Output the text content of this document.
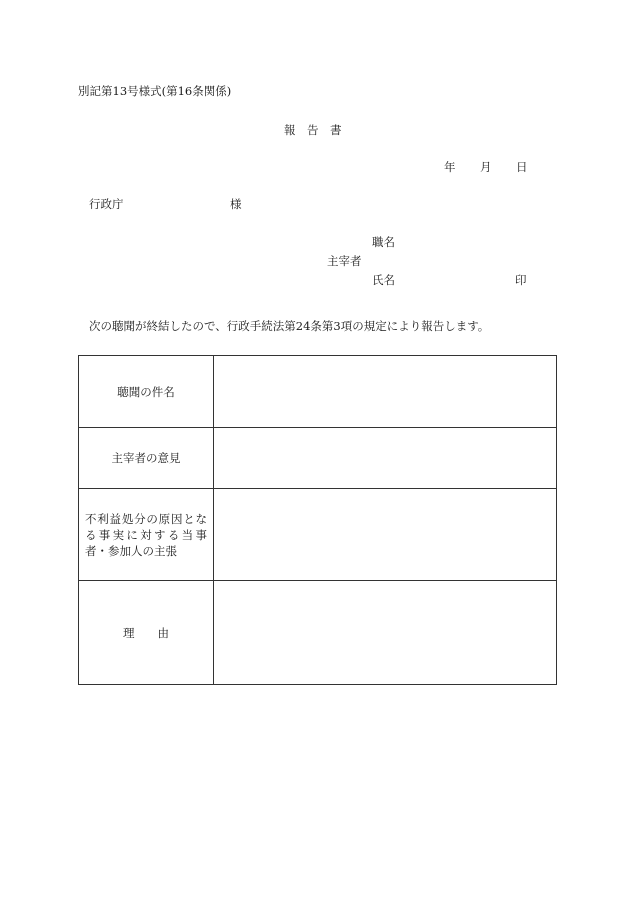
別記第13号様式(第16条関係)
報　告　書
年 月 日
行政庁	様
職名
主宰者
氏名	印
次の聴聞が終結したので、行政手続法第24条第3項の規定により報告します。
聴聞の件名	
主宰者の意見	
不利益処分の原因となる事実に対する当事者・参加人の主張	
理　　由	
